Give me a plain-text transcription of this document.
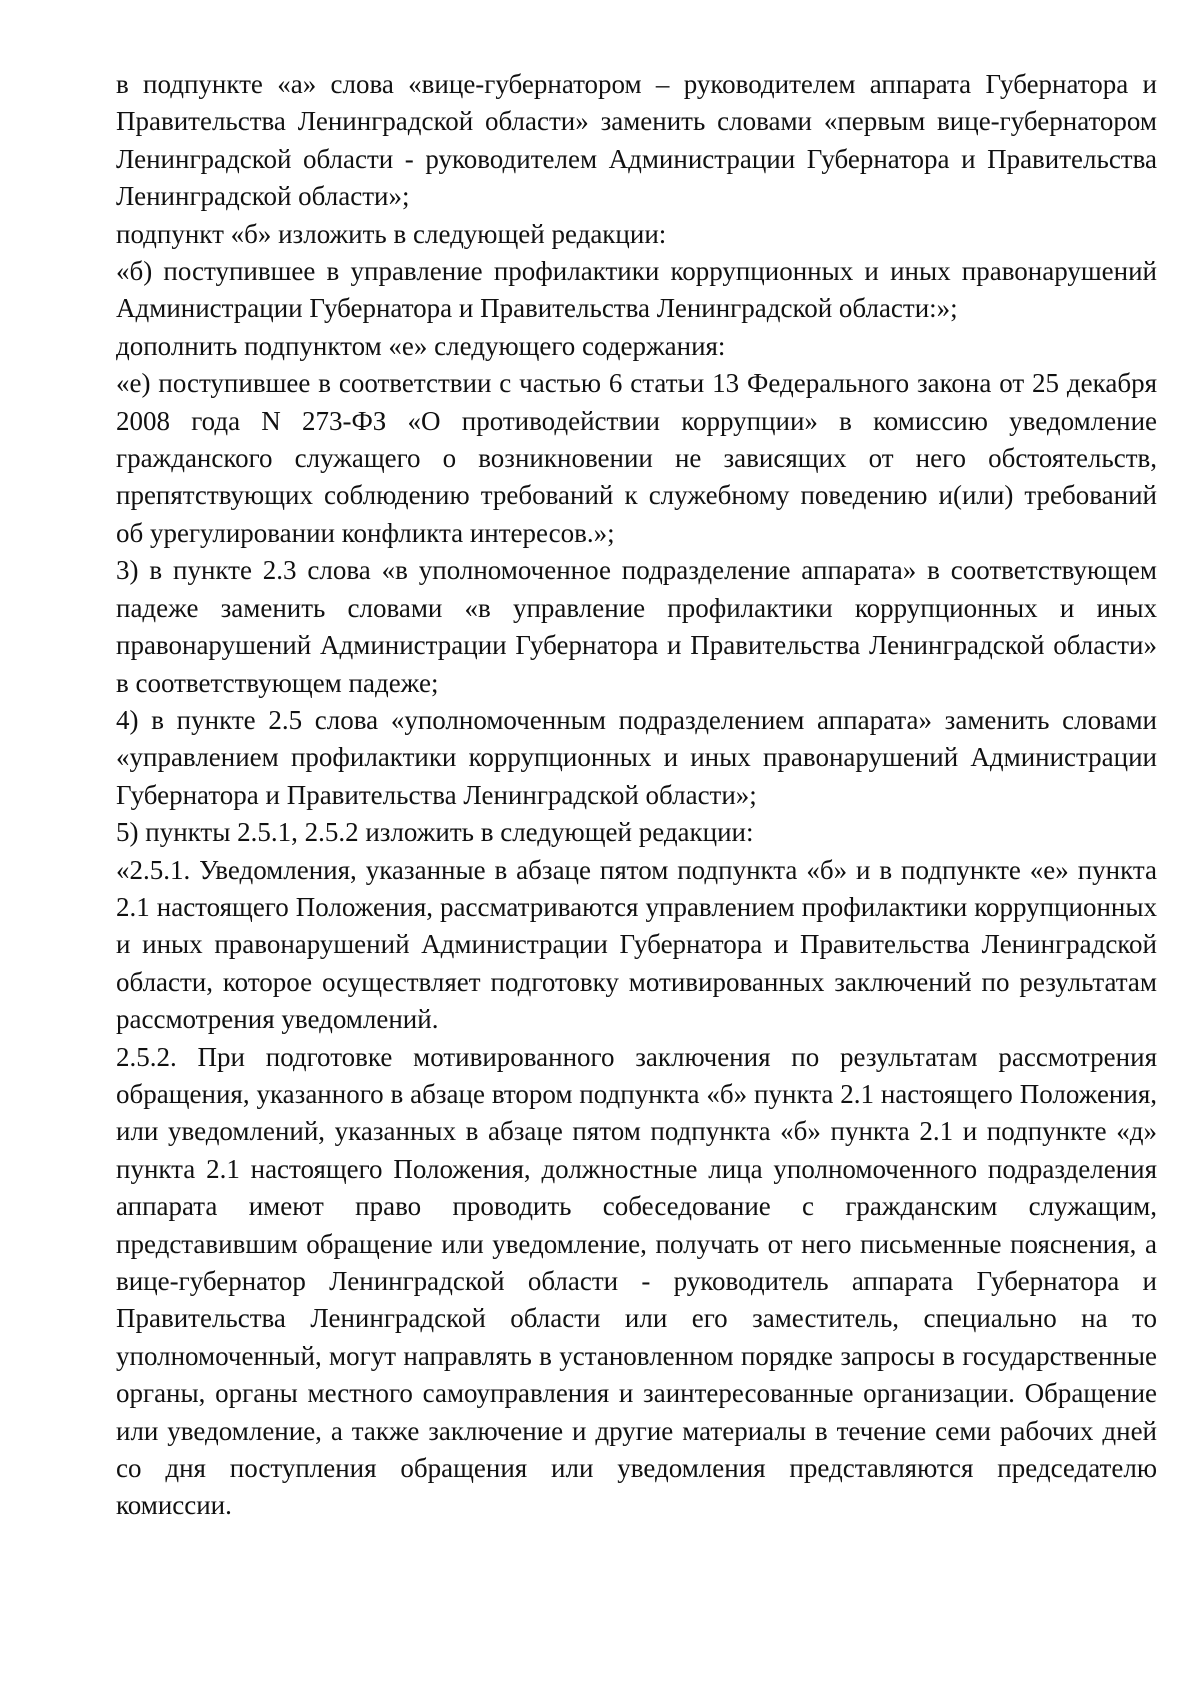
в подпункте «а» слова «вице-губернатором – руководителем аппарата Губернатора и Правительства Ленинградской области» заменить словами «первым вице-губернатором Ленинградской области - руководителем Администрации Губернатора и Правительства Ленинградской области»;

подпункт «б» изложить в следующей редакции:

«б) поступившее в управление профилактики коррупционных и иных правонарушений Администрации Губернатора и Правительства Ленинградской области:»;

дополнить подпунктом «е» следующего содержания:

«е) поступившее в соответствии с частью 6 статьи 13 Федерального закона от 25 декабря 2008 года N 273-ФЗ «О противодействии коррупции» в комиссию уведомление гражданского служащего о возникновении не зависящих от него обстоятельств, препятствующих соблюдению требований к служебному поведению и(или) требований об урегулировании конфликта интересов.»;

3) в пункте 2.3 слова «в уполномоченное подразделение аппарата» в соответствующем падеже заменить словами «в управление профилактики коррупционных и иных правонарушений Администрации Губернатора и Правительства Ленинградской области» в соответствующем падеже;

4) в пункте 2.5 слова «уполномоченным подразделением аппарата» заменить словами «управлением профилактики коррупционных и иных правонарушений Администрации Губернатора и Правительства Ленинградской области»;

5) пункты 2.5.1, 2.5.2 изложить в следующей редакции:

«2.5.1. Уведомления, указанные в абзаце пятом подпункта «б» и в подпункте «е» пункта 2.1 настоящего Положения, рассматриваются управлением профилактики коррупционных и иных правонарушений Администрации Губернатора и Правительства Ленинградской области, которое осуществляет подготовку мотивированных заключений по результатам рассмотрения уведомлений.

2.5.2. При подготовке мотивированного заключения по результатам рассмотрения обращения, указанного в абзаце втором подпункта «б» пункта 2.1 настоящего Положения, или уведомлений, указанных в абзаце пятом подпункта «б» пункта 2.1 и подпункте «д» пункта 2.1 настоящего Положения, должностные лица уполномоченного подразделения аппарата имеют право проводить собеседование с гражданским служащим, представившим обращение или уведомление, получать от него письменные пояснения, а вице-губернатор Ленинградской области - руководитель аппарата Губернатора и Правительства Ленинградской области или его заместитель, специально на то уполномоченный, могут направлять в установленном порядке запросы в государственные органы, органы местного самоуправления и заинтересованные организации. Обращение или уведомление, а также заключение и другие материалы в течение семи рабочих дней со дня поступления обращения или уведомления представляются председателю комиссии.
